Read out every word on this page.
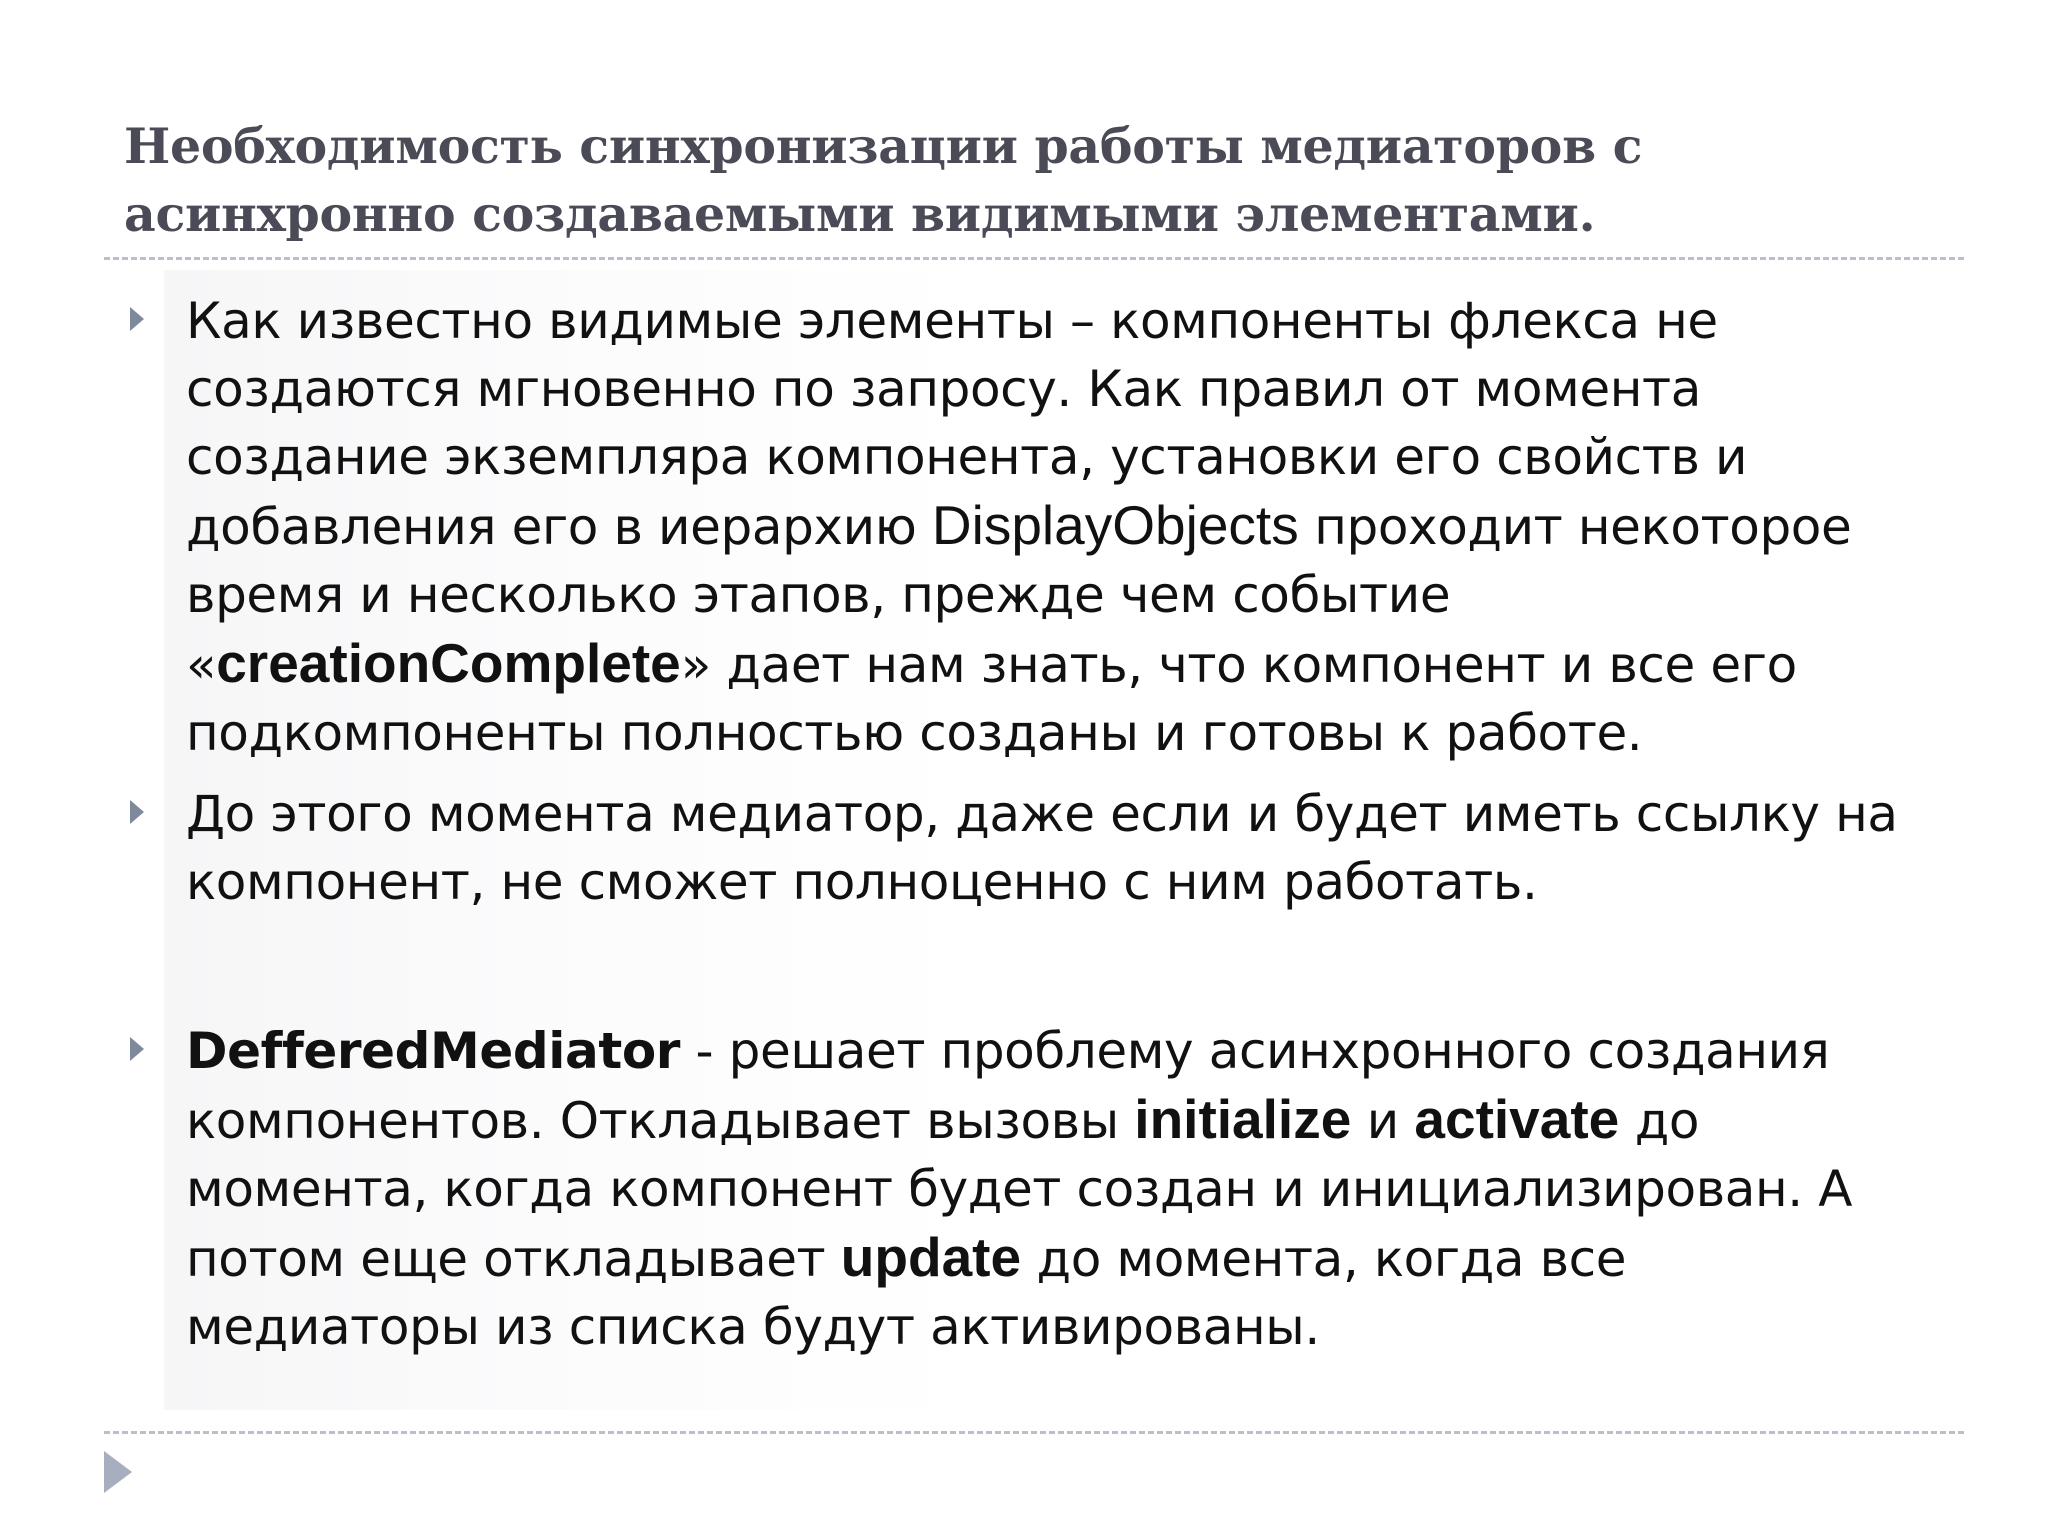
Необходимость синхронизации работы медиаторов с
асинхронно создаваемыми видимыми элементами.
Как известно видимые элементы – компоненты флекса не
создаются мгновенно по запросу. Как правил от момента
создание экземпляра компонента, установки его свойств и
добавления его в иерархию DisplayObjects проходит некоторое
время и несколько этапов, прежде чем событие
«creationComplete» дает нам знать, что компонент и все его
подкомпоненты полностью созданы и готовы к работе.
До этого момента медиатор, даже если и будет иметь ссылку на
компонент, не сможет полноценно с ним работать.
DefferedMediator - решает проблему асинхронного создания
компонентов. Откладывает вызовы initialize и activate до
момента, когда компонент будет создан и инициализирован. А
потом еще откладывает update до момента, когда все
медиаторы из списка будут активированы.
